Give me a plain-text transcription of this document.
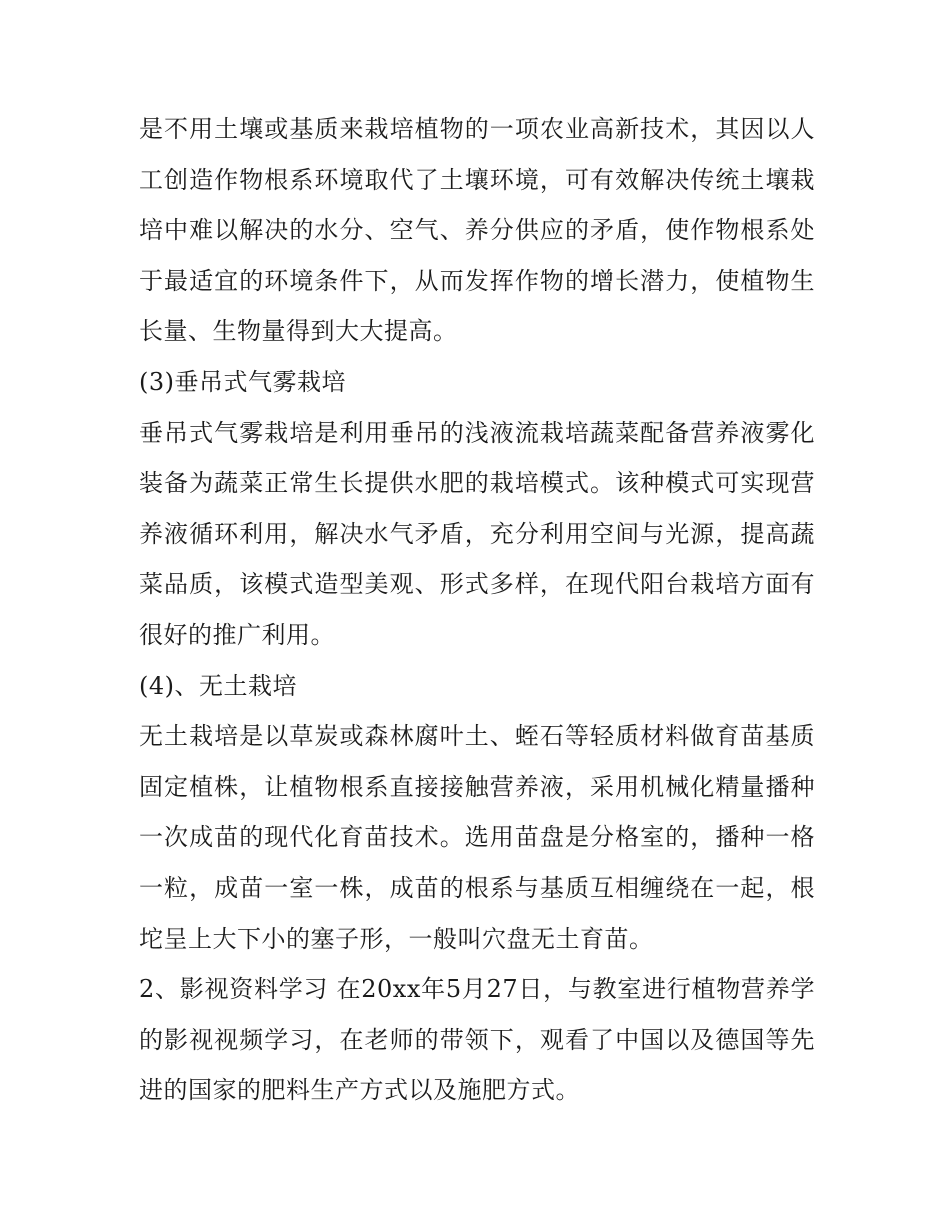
是不用土壤或基质来栽培植物的一项农业高新技术，其因以人工创造作物根系环境取代了土壤环境，可有效解决传统土壤栽培中难以解决的水分、空气、养分供应的矛盾，使作物根系处于最适宜的环境条件下，从而发挥作物的增长潜力，使植物生长量、生物量得到大大提高。

(3)垂吊式气雾栽培

垂吊式气雾栽培是利用垂吊的浅液流栽培蔬菜配备营养液雾化装备为蔬菜正常生长提供水肥的栽培模式。该种模式可实现营养液循环利用，解决水气矛盾，充分利用空间与光源，提高蔬菜品质，该模式造型美观、形式多样，在现代阳台栽培方面有很好的推广利用。

(4)、无土栽培

无土栽培是以草炭或森林腐叶土、蛭石等轻质材料做育苗基质固定植株，让植物根系直接接触营养液，采用机械化精量播种一次成苗的现代化育苗技术。选用苗盘是分格室的，播种一格一粒，成苗一室一株，成苗的根系与基质互相缠绕在一起，根坨呈上大下小的塞子形，一般叫穴盘无土育苗。

2、影视资料学习 在20xx年5月27日，与教室进行植物营养学的影视视频学习，在老师的带领下，观看了中国以及德国等先进的国家的肥料生产方式以及施肥方式。
